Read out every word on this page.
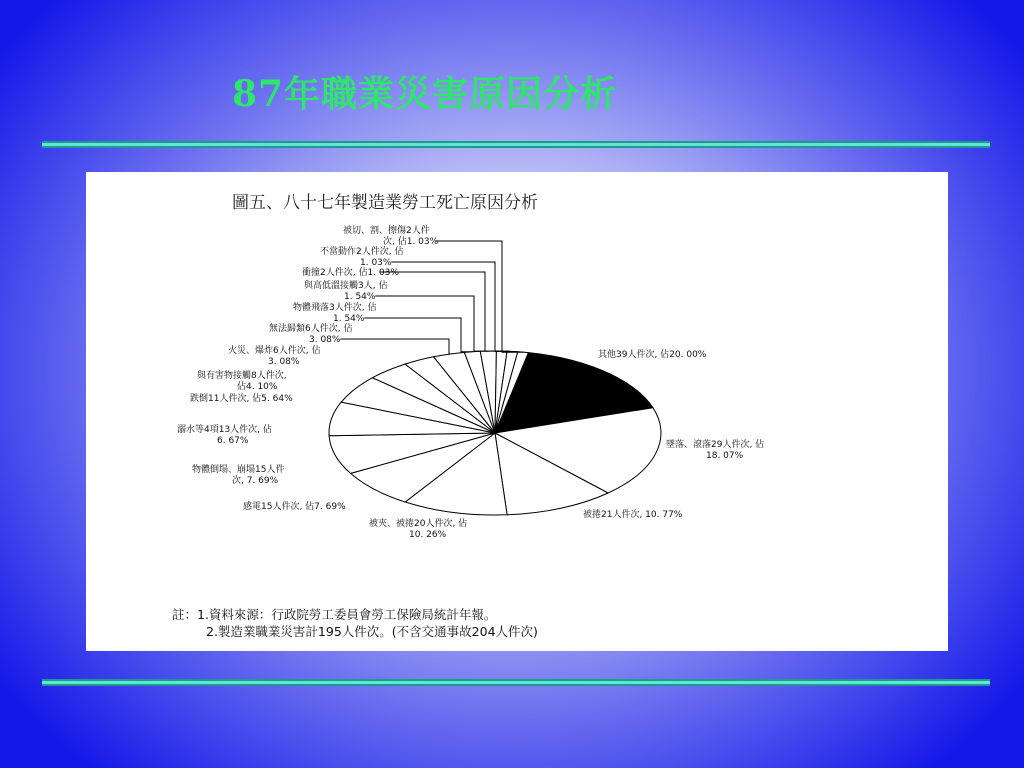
87年職業災害原因分析
圖五、八十七年製造業勞工死亡原因分析
其他39人件次, 佔20. 00%
墜落、滾落29人件次, 佔
18. 07%
被捲21人件次, 10. 77%
被夾、被捲20人件次, 佔
10. 26%
感電15人件次, 佔7. 69%
物體倒塌、崩塌15人件
次, 7. 69%
溺水等4項13人件次, 佔
6. 67%
跌倒11人件次, 佔5. 64%
與有害物接觸8人件次,
佔4. 10%
火災、爆炸6人件次, 佔
3. 08%
無法歸類6人件次, 佔
3. 08%
物體飛落3人件次, 佔
1. 54%
與高低溫接觸3人, 佔
1. 54%
衝撞2人件次, 佔1. 03%
不當動作2人件次, 佔
1. 03%
被切、割、擦傷2人件
次, 佔1. 03%
註：1.資料來源：行政院勞工委員會勞工保險局統計年報。
2.製造業職業災害計195人件次。(不含交通事故204人件次)
